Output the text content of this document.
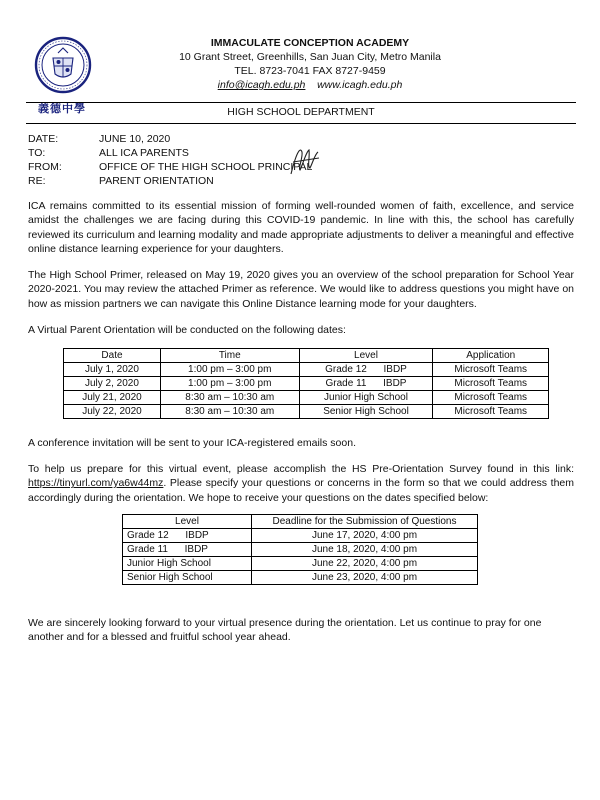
義德中學
IMMACULATE CONCEPTION ACADEMY
10 Grant Street, Greenhills, San Juan City, Metro Manila
TEL. 8723-7041 FAX 8727-9459
info@icagh.edu.ph www.icagh.edu.ph
HIGH SCHOOL DEPARTMENT
DATE:	JUNE 10, 2020
TO:	ALL ICA PARENTS
FROM:	OFFICE OF THE HIGH SCHOOL PRINCIPAL
RE:	PARENT ORIENTATION
ICA remains committed to its essential mission of forming well-rounded women of faith, excellence, and service amidst the challenges we are facing during this COVID-19 pandemic. In line with this, the school has carefully reviewed its curriculum and learning modality and made appropriate adjustments to deliver a meaningful and effective online distance learning experience for your daughters.
The High School Primer, released on May 19, 2020 gives you an overview of the school preparation for School Year 2020-2021. You may review the attached Primer as reference. We would like to address questions you might have on how as mission partners we can navigate this Online Distance learning mode for your daughters.
A Virtual Parent Orientation will be conducted on the following dates:
Date	Time	Level	Application
July 1, 2020	1:00 pm – 3:00 pm	Grade 12      IBDP	Microsoft Teams
July 2, 2020	1:00 pm – 3:00 pm	Grade 11      IBDP	Microsoft Teams
July 21, 2020	8:30 am – 10:30 am	Junior High School	Microsoft Teams
July 22, 2020	8:30 am – 10:30 am	Senior High School	Microsoft Teams
A conference invitation will be sent to your ICA-registered emails soon.
To help us prepare for this virtual event, please accomplish the HS Pre-Orientation Survey found in this link: https://tinyurl.com/ya6w44mz. Please specify your questions or concerns in the form so that we could address them accordingly during the orientation. We hope to receive your questions on the dates specified below:
Level	Deadline for the Submission of Questions
Grade 12      IBDP	June 17, 2020, 4:00 pm
Grade 11      IBDP	June 18, 2020, 4:00 pm
Junior High School	June 22, 2020, 4:00 pm
Senior High School	June 23, 2020, 4:00 pm
We are sincerely looking forward to your virtual presence during the orientation. Let us continue to pray for one another and for a blessed and fruitful school year ahead.
